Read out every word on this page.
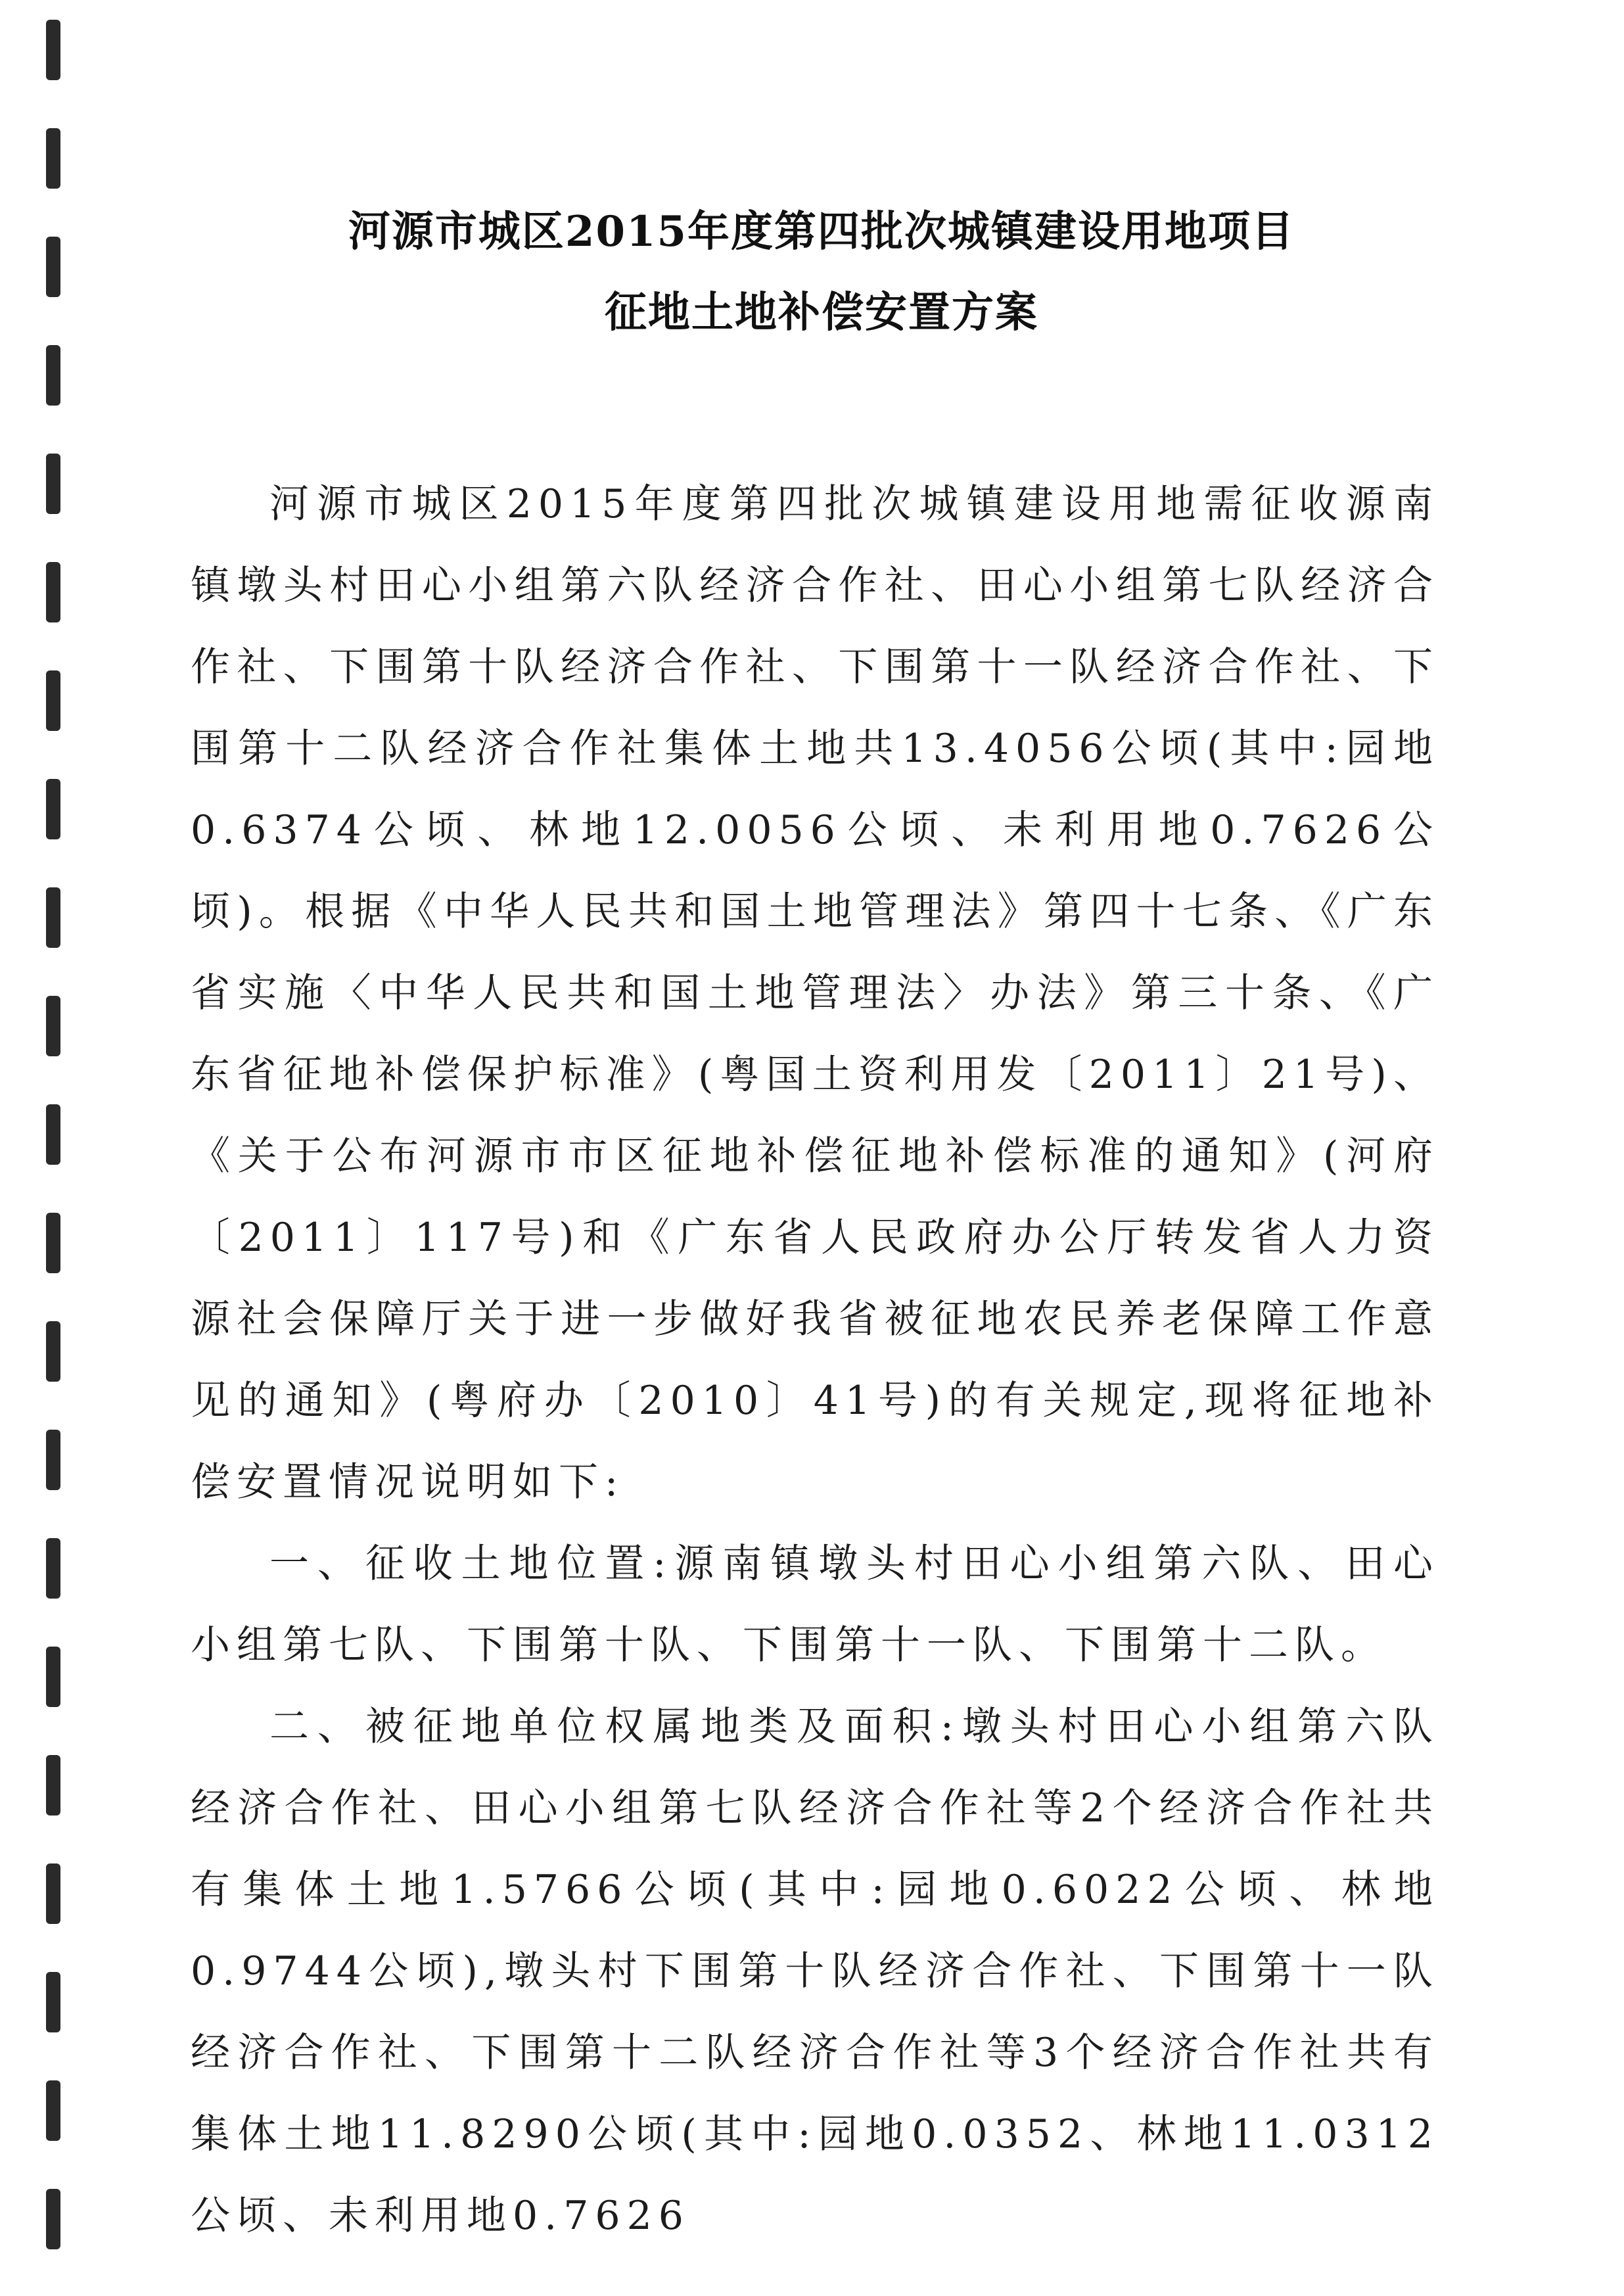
河源市城区2015年度第四批次城镇建设用地项目
征地土地补偿安置方案

河源市城区2015年度第四批次城镇建设用地需征收源南镇墩头村田心小组第六队经济合作社、田心小组第七队经济合作社、下围第十队经济合作社、下围第十一队经济合作社、下围第十二队经济合作社集体土地共13.4056公顷(其中:园地0.6374公顷、林地12.0056公顷、未利用地0.7626公顷)。根据《中华人民共和国土地管理法》第四十七条、《广东省实施〈中华人民共和国土地管理法〉办法》第三十条、《广东省征地补偿保护标准》(粤国土资利用发〔2011〕21号)、《关于公布河源市市区征地补偿征地补偿标准的通知》(河府〔2011〕117号)和《广东省人民政府办公厅转发省人力资源社会保障厅关于进一步做好我省被征地农民养老保障工作意见的通知》(粤府办〔2010〕41号)的有关规定,现将征地补偿安置情况说明如下:

一、征收土地位置:源南镇墩头村田心小组第六队、田心小组第七队、下围第十队、下围第十一队、下围第十二队。

二、被征地单位权属地类及面积:墩头村田心小组第六队经济合作社、田心小组第七队经济合作社等2个经济合作社共有集体土地1.5766公顷(其中:园地0.6022公顷、林地0.9744公顷),墩头村下围第十队经济合作社、下围第十一队经济合作社、下围第十二队经济合作社等3个经济合作社共有集体土地11.8290公顷(其中:园地0.0352、林地11.0312公顷、未利用地0.7626
